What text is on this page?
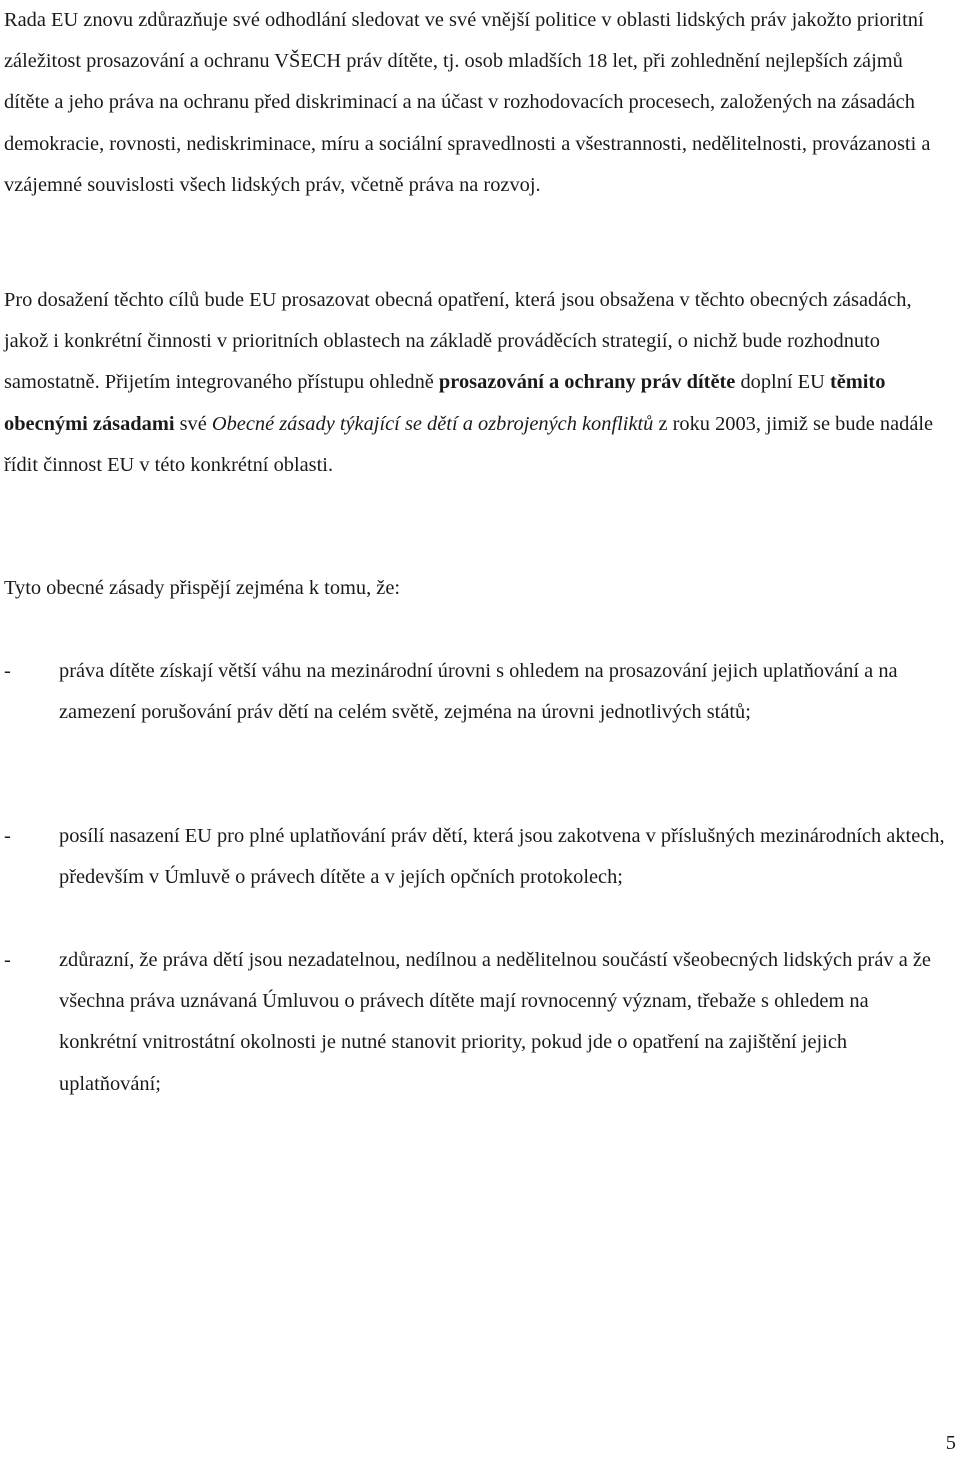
Rada EU znovu zdůrazňuje své odhodlání sledovat ve své vnější politice v oblasti lidských práv jakožto prioritní záležitost prosazování a ochranu VŠECH práv dítěte, tj. osob mladších 18 let, při zohlednění nejlepších zájmů dítěte a jeho práva na ochranu před diskriminací a na účast v rozhodovacích procesech, založených na zásadách demokracie, rovnosti, nediskriminace, míru a sociální spravedlnosti a všestrannosti, nedělitelnosti, provázanosti a vzájemné souvislosti všech lidských práv, včetně práva na rozvoj.

Pro dosažení těchto cílů bude EU prosazovat obecná opatření, která jsou obsažena v těchto obecných zásadách, jakož i konkrétní činnosti v prioritních oblastech na základě prováděcích strategií, o nichž bude rozhodnuto samostatně. Přijetím integrovaného přístupu ohledně prosazování a ochrany práv dítěte doplní EU těmito obecnými zásadami své Obecné zásady týkající se dětí a ozbrojených konfliktů z roku 2003, jimiž se bude nadále řídit činnost EU v této konkrétní oblasti.

Tyto obecné zásady přispějí zejména k tomu, že:

-	práva dítěte získají větší váhu na mezinárodní úrovni s ohledem na prosazování jejich uplatňování a na zamezení porušování práv dětí na celém světě, zejména na úrovni jednotlivých států;
-	posílí nasazení EU pro plné uplatňování práv dětí, která jsou zakotvena v příslušných mezinárodních aktech, především v Úmluvě o právech dítěte a v jejích opčních protokolech;
-	zdůrazní, že práva dětí jsou nezadatelnou, nedílnou a nedělitelnou součástí všeobecných lidských práv a že všechna práva uznávaná Úmluvou o právech dítěte mají rovnocenný význam, třebaže s ohledem na konkrétní vnitrostátní okolnosti je nutné stanovit priority, pokud jde o opatření na zajištění jejich uplatňování;
5
